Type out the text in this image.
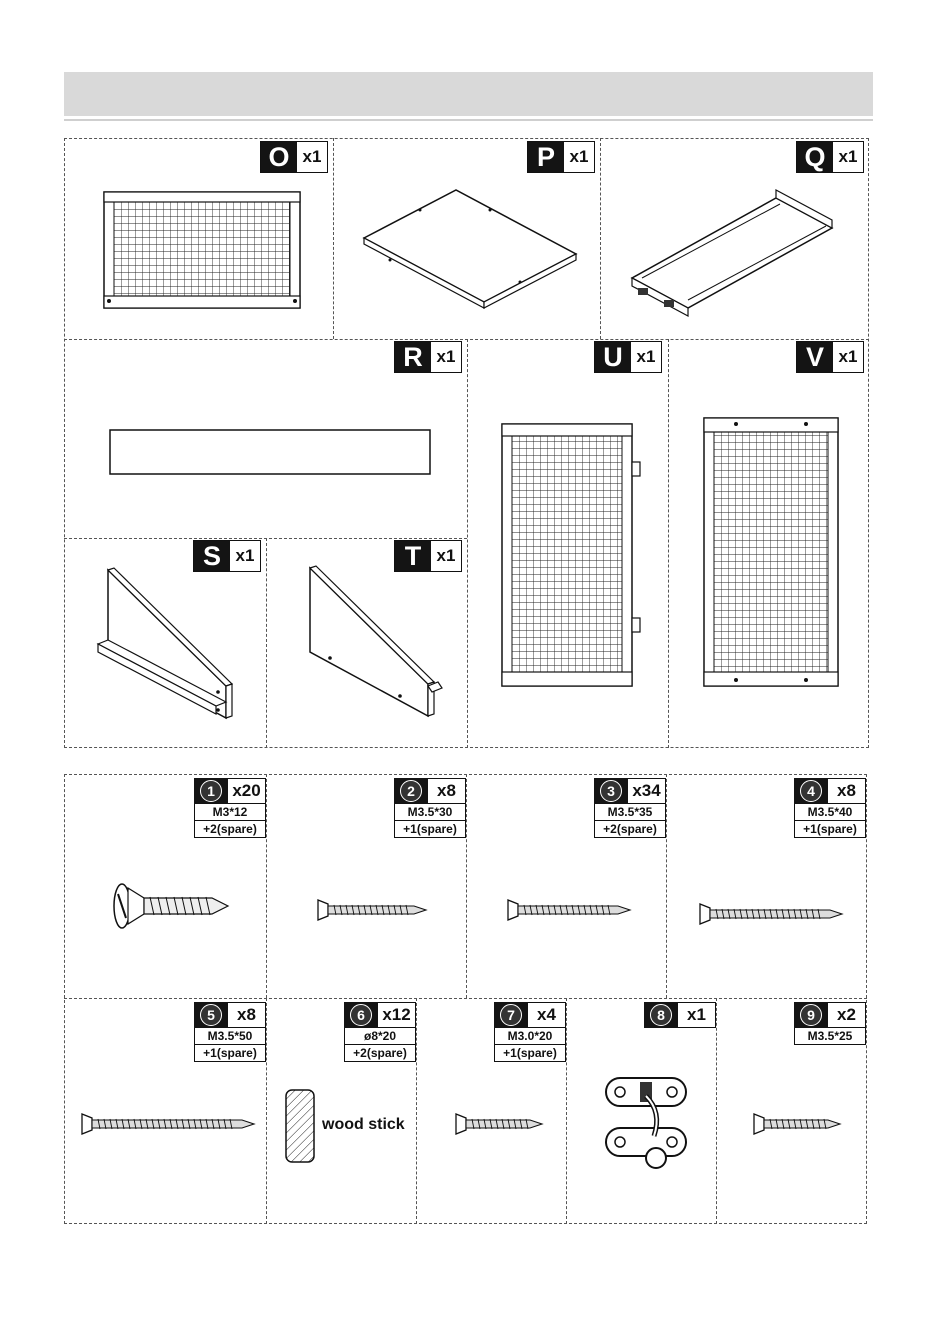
O x1	P x1	Q x1
R x1	U x1	V x1
S x1	T x1
1	x20
M3*12
+2(spare)
2	x8
M3.5*30
+1(spare)
3	x34
M3.5*35
+2(spare)
4	x8
M3.5*40
+1(spare)
5	x8
M3.5*50
+1(spare)
6	x12
ø8*20
+2(spare)
7	x4
M3.0*20
+1(spare)
8	x1	9	x2
M3.5*25
wood stick
